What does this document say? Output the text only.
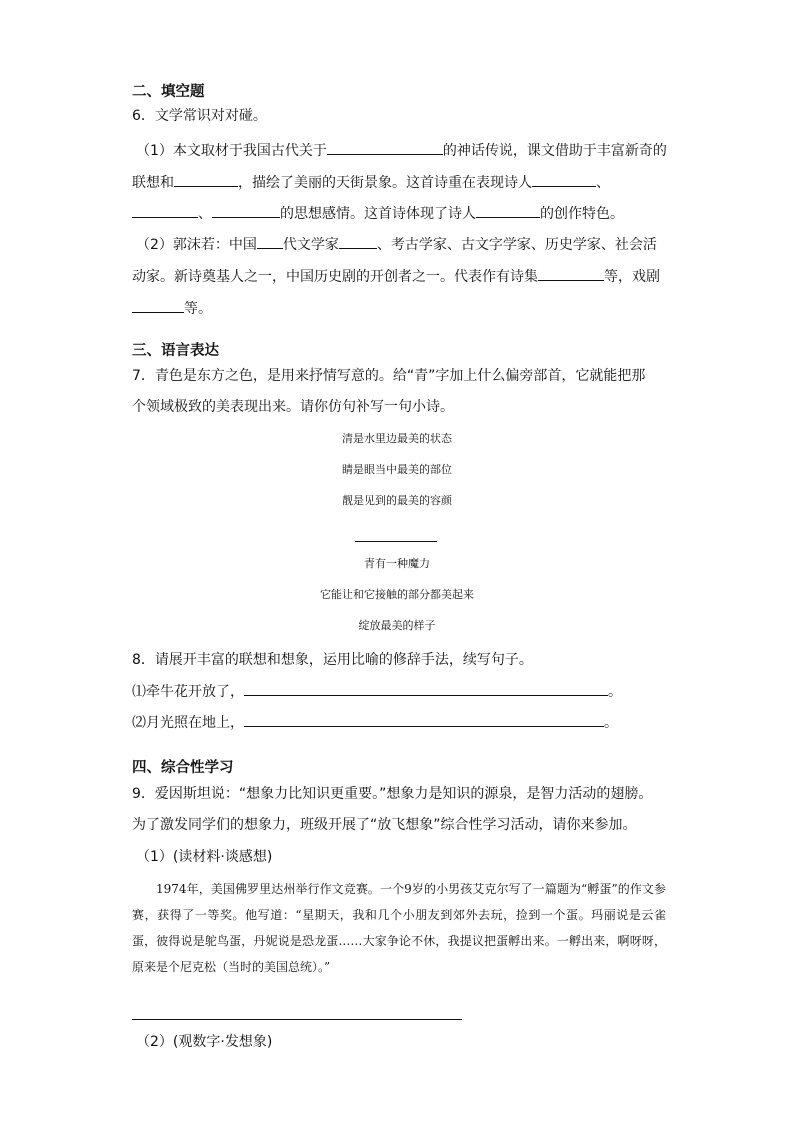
二、填空题
6．文学常识对对碰。
（1）本文取材于我国古代关于	的神话传说，课文借助于丰富新奇的
联想和	，描绘了美丽的天街景象。这首诗重在表现诗人	、
、	的思想感情。这首诗体现了诗人	的创作特色。
（2）郭沫若：中国 代文学家	、考古学家、古文字学家、历史学家、社会活
动家。新诗奠基人之一，中国历史剧的开创者之一。代表作有诗集	等，戏剧
等。
三、语言表达
7．青色是东方之色，是用来抒情写意的。给“青”字加上什么偏旁部首，它就能把那
个领域极致的美表现出来。请你仿句补写一句小诗。
清是水里边最美的状态
睛是眼当中最美的部位
靓是见到的最美的容颜
青有一种魔力
它能让和它接触的部分都美起来
绽放最美的样子
8．请展开丰富的联想和想象，运用比喻的修辞手法，续写句子。
⑴牵牛花开放了，	。
⑵月光照在地上，	。
四、综合性学习
9．爱因斯坦说：“想象力比知识更重要。”想象力是知识的源泉，是智力活动的翅膀。
为了激发同学们的想象力，班级开展了“放飞想象”综合性学习活动，请你来参加。
（1）(读材料·谈感想)

1974年，美国佛罗里达州举行作文竞赛。一个9岁的小男孩艾克尔写了一篇题为“孵蛋”的作文参赛，获得了一等奖。他写道：“星期天，我和几个小朋友到郊外去玩，捡到一个蛋。玛丽说是云雀蛋，彼得说是鸵鸟蛋，丹妮说是恐龙蛋……大家争论不休，我提议把蛋孵出来。一孵出来，啊呀呀，原来是个尼克松（当时的美国总统）。”

（2）(观数字·发想象)
